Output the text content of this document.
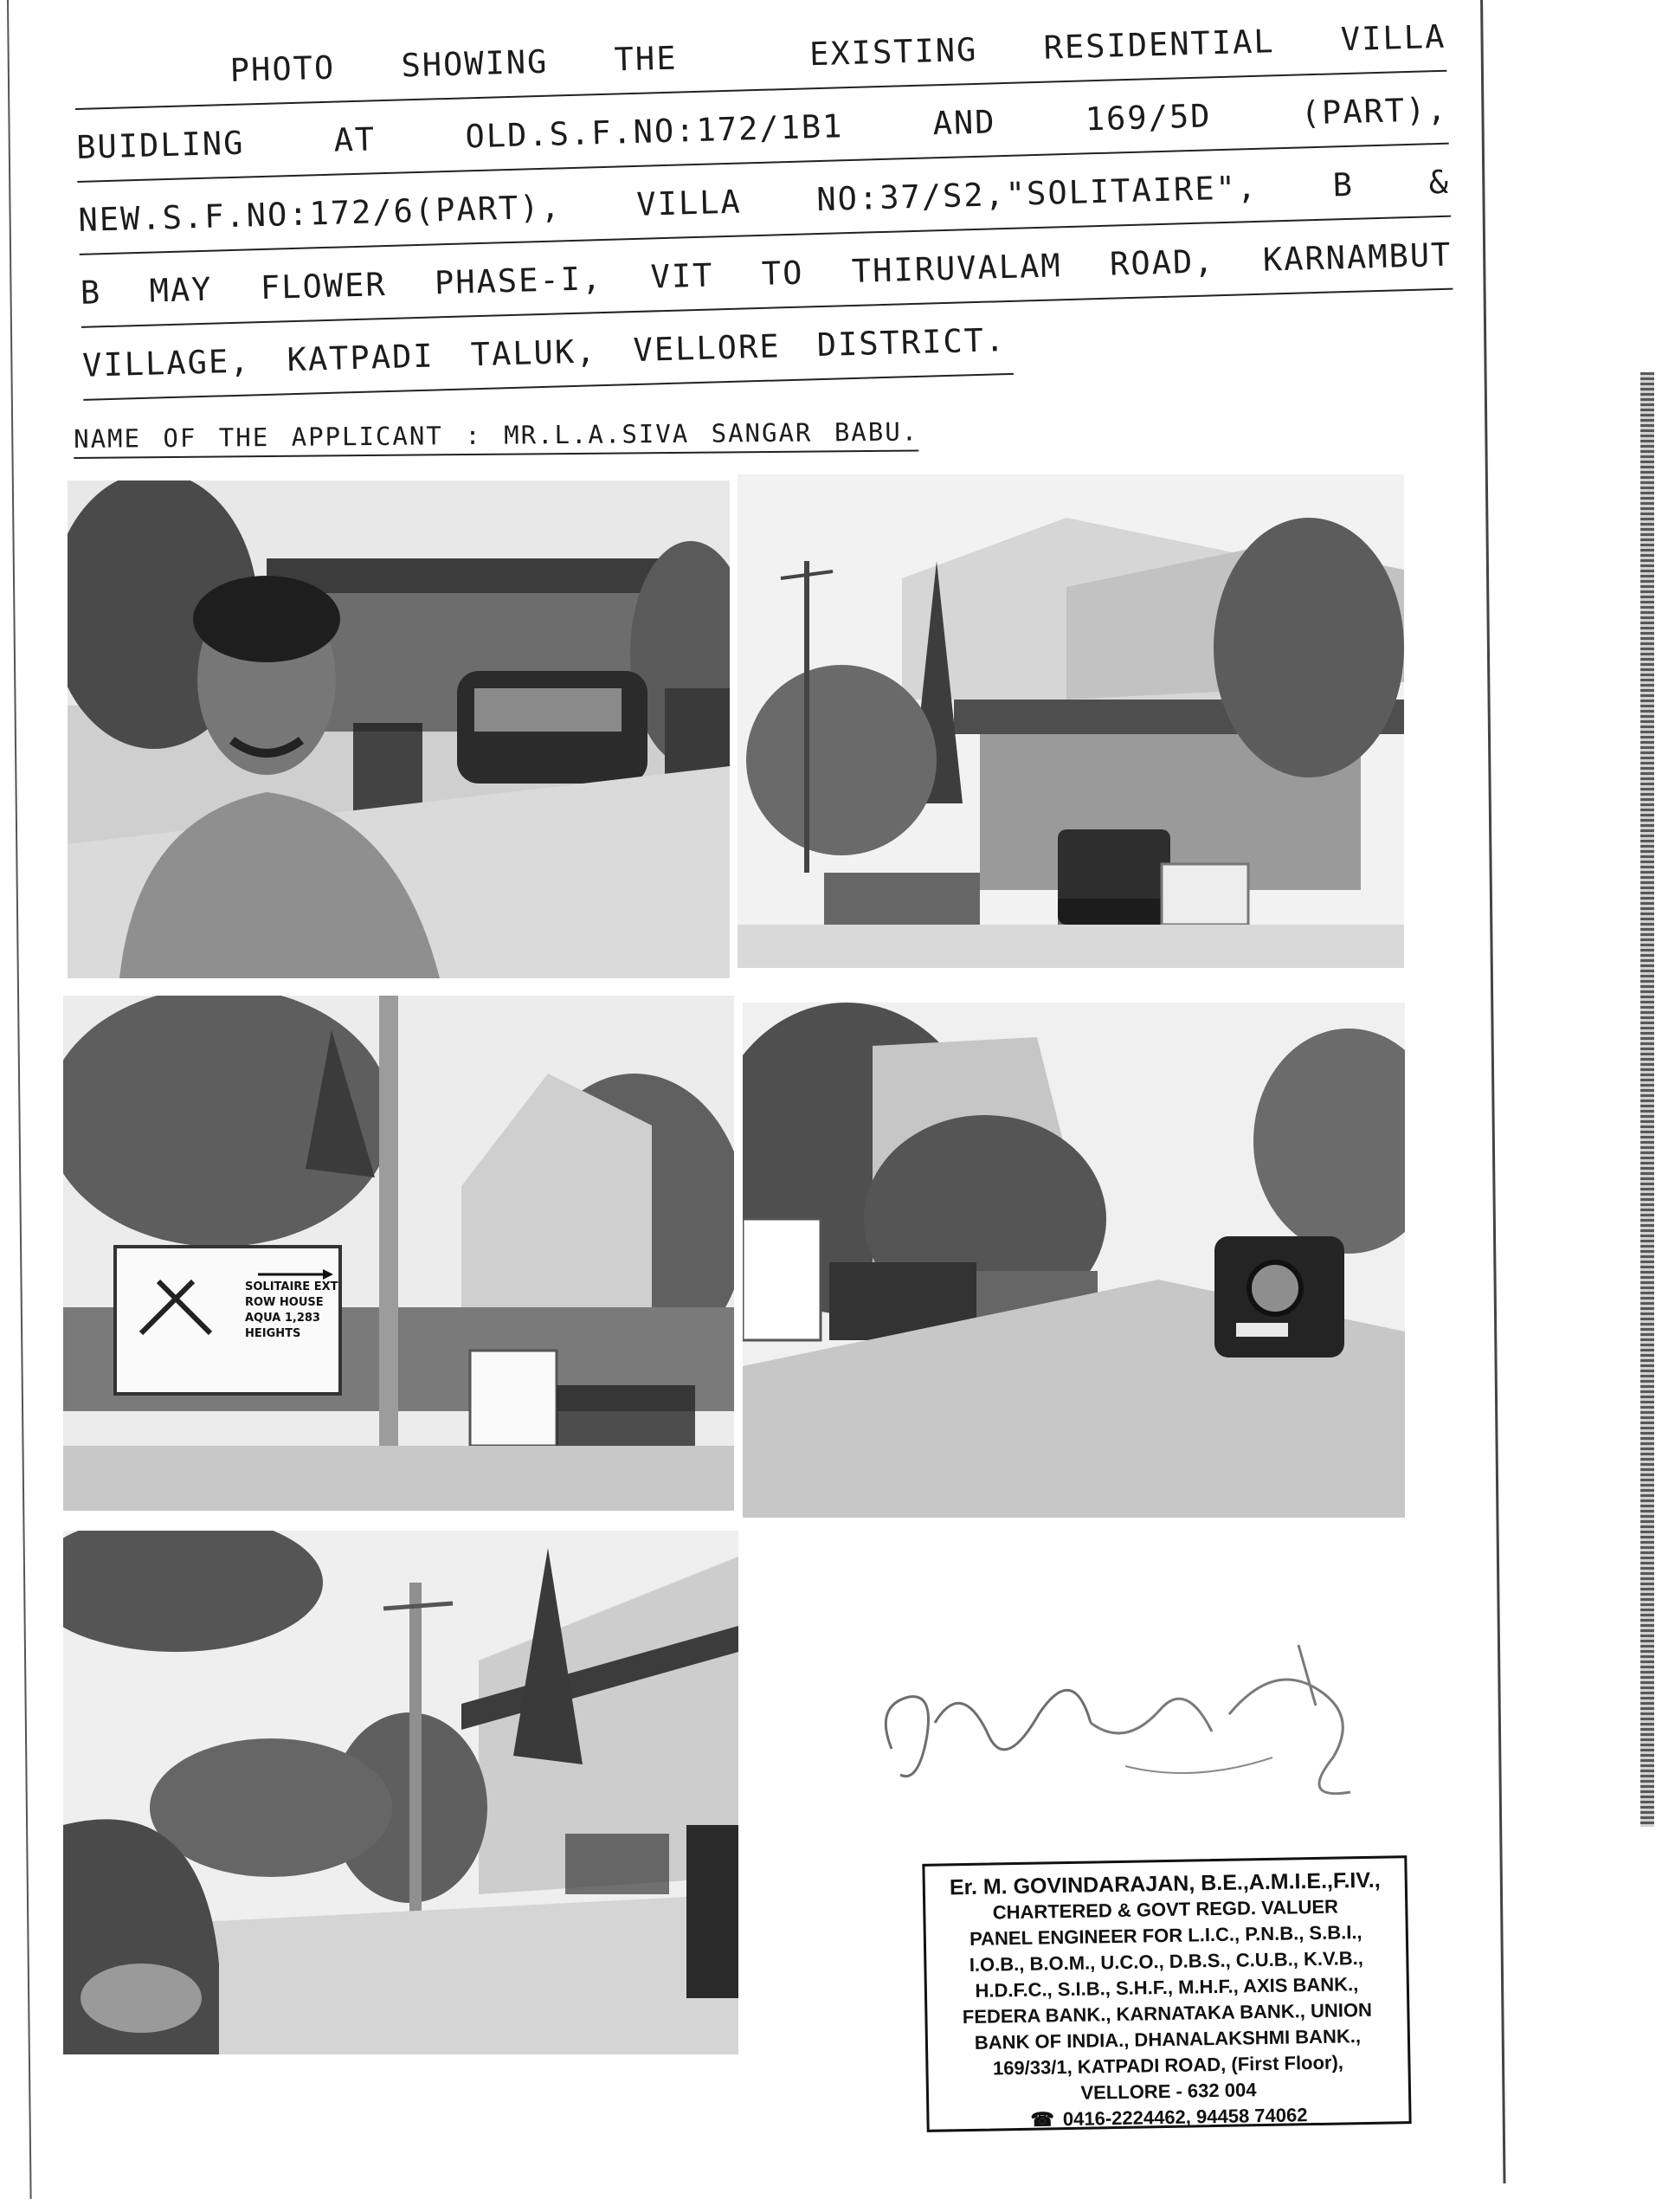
PHOTO SHOWING THE  EXISTING RESIDENTIAL VILLA
BUIDLING AT OLD.S.F.NO:172/1B1 AND 169/5D (PART),
NEW.S.F.NO:172/6(PART), VILLA NO:37/S2,"SOLITAIRE", B &
B MAY FLOWER PHASE-I, VIT TO THIRUVALAM ROAD, KARNAMBUT
VILLAGE, KATPADI TALUK, VELLORE DISTRICT.
NAME OF THE APPLICANT : MR.L.A.SIVA SANGAR BABU.
SOLITAIRE EXT
ROW HOUSE
AQUA 1,283
HEIGHTS
Er. M. GOVINDARAJAN, B.E.,A.M.I.E.,F.IV.,
CHARTERED & GOVT REGD. VALUER
PANEL ENGINEER FOR L.I.C., P.N.B., S.B.I.,
I.O.B., B.O.M., U.C.O., D.B.S., C.U.B., K.V.B.,
H.D.F.C., S.I.B., S.H.F., M.H.F., AXIS BANK.,
FEDERA BANK., KARNATAKA BANK., UNION
BANK OF INDIA., DHANALAKSHMI BANK.,
169/33/1, KATPADI ROAD, (First Floor),
VELLORE - 632 004
☎ 0416-2224462, 94458 74062
